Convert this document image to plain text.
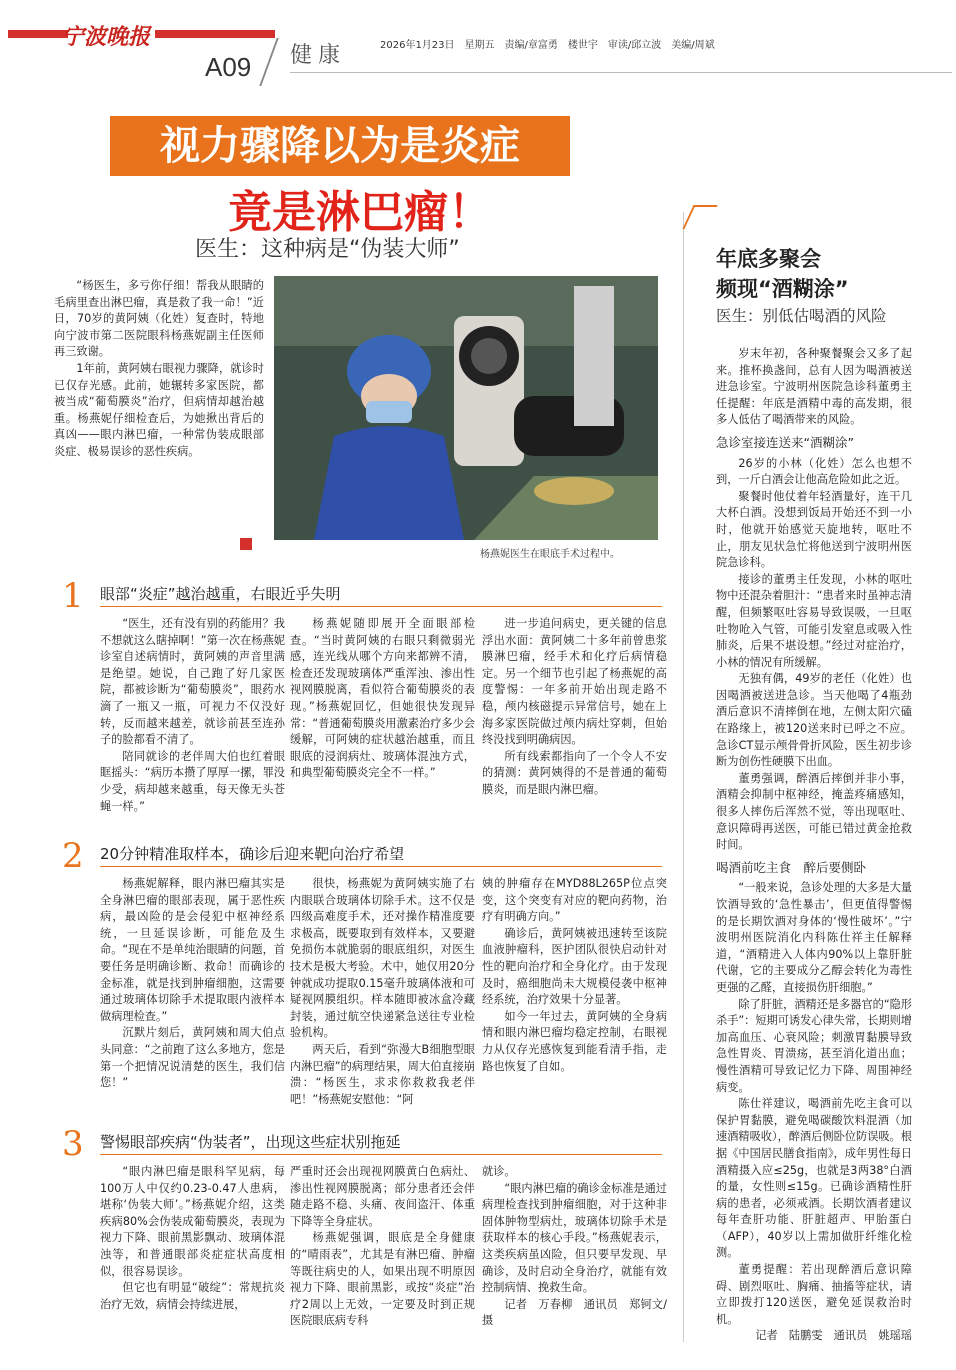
宁波晚报
A09 健康	2026年1月23日　星期五　责编/章富勇　楼世宇　审读/邱立波　美编/周斌
视力骤降以为是炎症
竟是淋巴瘤！
医生：这种病是“伪装大师”

“杨医生，多亏你仔细！帮我从眼睛的毛病里查出淋巴瘤，真是救了我一命！”近日，70岁的黄阿姨（化姓）复查时，特地向宁波市第二医院眼科杨燕妮副主任医师再三致谢。

1年前，黄阿姨右眼视力骤降，就诊时已仅存光感。此前，她辗转多家医院，都被当成“葡萄膜炎”治疗，但病情却越治越重。杨燕妮仔细检查后，为她揪出背后的真凶——眼内淋巴瘤，一种常伪装成眼部炎症、极易误诊的恶性疾病。

杨燕妮医生在眼底手术过程中。
1 眼部“炎症”越治越重，右眼近乎失明

“医生，还有没有别的药能用？我不想就这么瞎掉啊！”第一次在杨燕妮诊室自述病情时，黄阿姨的声音里满是绝望。她说，自己跑了好几家医院，都被诊断为“葡萄膜炎”，眼药水滴了一瓶又一瓶，可视力不仅没好转，反而越来越差，就诊前甚至连孙子的脸都看不清了。

陪同就诊的老伴周大伯也红着眼眶摇头：“病历本攒了厚厚一摞，罪没少受，病却越来越重，每天像无头苍蝇一样。”

杨燕妮随即展开全面眼部检查。“当时黄阿姨的右眼只剩微弱光感，连光线从哪个方向来都辨不清，检查还发现玻璃体严重浑浊、渗出性视网膜脱离，看似符合葡萄膜炎的表现。”杨燕妮回忆，但她很快发现异常：“普通葡萄膜炎用激素治疗多少会缓解，可阿姨的症状越治越重，而且眼底的浸润病灶、玻璃体混浊方式，和典型葡萄膜炎完全不一样。”

进一步追问病史，更关键的信息浮出水面：黄阿姨二十多年前曾患浆膜淋巴瘤，经手术和化疗后病情稳定。另一个细节也引起了杨燕妮的高度警惕：一年多前开始出现走路不稳，颅内核磁提示异常信号，她在上海多家医院做过颅内病灶穿刺，但始终没找到明确病因。

所有线索都指向了一个令人不安的猜测：黄阿姨得的不是普通的葡萄膜炎，而是眼内淋巴瘤。

2 20分钟精准取样本，确诊后迎来靶向治疗希望

杨燕妮解释，眼内淋巴瘤其实是全身淋巴瘤的眼部表现，属于恶性疾病，最凶险的是会侵犯中枢神经系统，一旦延误诊断，可能危及生命。“现在不是单纯治眼睛的问题，首要任务是明确诊断、救命！而确诊的金标准，就是找到肿瘤细胞，这需要通过玻璃体切除手术提取眼内液样本做病理检查。”

沉默片刻后，黄阿姨和周大伯点头同意：“之前跑了这么多地方，您是第一个把情况说清楚的医生，我们信您！”

很快，杨燕妮为黄阿姨实施了右内眼联合玻璃体切除手术。这不仅是四级高难度手术，还对操作精准度要求极高，既要取到有效样本，又要避免损伤本就脆弱的眼底组织，对医生技术是极大考验。术中，她仅用20分钟就成功提取0.15毫升玻璃体液和可疑视网膜组织。样本随即被冰盒冷藏封装，通过航空快递紧急送往专业检验机构。

两天后，看到“弥漫大B细胞型眼内淋巴瘤”的病理结果，周大伯直接崩溃：“杨医生，求求你救救我老伴吧！”杨燕妮安慰他：“阿

姨的肿瘤存在MYD88L265P位点突变，这个突变有对应的靶向药物，治疗有明确方向。”

确诊后，黄阿姨被迅速转至该院血液肿瘤科，医护团队很快启动针对性的靶向治疗和全身化疗。由于发现及时，癌细胞尚未大规模侵袭中枢神经系统，治疗效果十分显著。

如今一年过去，黄阿姨的全身病情和眼内淋巴瘤均稳定控制，右眼视力从仅存光感恢复到能看清手指，走路也恢复了自如。

3 警惕眼部疾病“伪装者”，出现这些症状别拖延

“眼内淋巴瘤是眼科罕见病，每100万人中仅约0.23-0.47人患病，堪称‘伪装大师’。”杨燕妮介绍，这类疾病80%会伪装成葡萄膜炎，表现为视力下降、眼前黑影飘动、玻璃体混浊等，和普通眼部炎症症状高度相似，很容易误诊。

但它也有明显“破绽”：常规抗炎治疗无效，病情会持续进展，

严重时还会出现视网膜黄白色病灶、渗出性视网膜脱离；部分患者还会伴随走路不稳、头痛、夜间盗汗、体重下降等全身症状。

杨燕妮强调，眼底是全身健康的“晴雨表”，尤其是有淋巴瘤、肿瘤等既往病史的人，如果出现不明原因视力下降、眼前黑影，或按“炎症”治疗2周以上无效，一定要及时到正规医院眼底病专科

就诊。

“眼内淋巴瘤的确诊金标准是通过病理检查找到肿瘤细胞，对于这种非固体肿物型病灶，玻璃体切除手术是获取样本的核心手段。”杨燕妮表示，这类疾病虽凶险，但只要早发现、早确诊，及时启动全身治疗，就能有效控制病情、挽救生命。

记者　万春柳　通讯员　郑钶文/摄

年底多聚会
频现“酒糊涂”
医生：别低估喝酒的风险

岁末年初，各种聚餐聚会又多了起来。推杯换盏间，总有人因为喝酒被送进急诊室。宁波明州医院急诊科董勇主任提醒：年底是酒精中毒的高发期，很多人低估了喝酒带来的风险。

急诊室接连送来“酒糊涂”

26岁的小林（化姓）怎么也想不到，一斤白酒会让他高危险如此之近。

聚餐时他仗着年轻酒量好，连干几大杯白酒。没想到饭局开始还不到一小时，他就开始感觉天旋地转，呕吐不止，朋友见状急忙将他送到宁波明州医院急诊科。

接诊的董勇主任发现，小林的呕吐物中还混杂着胆汁：“患者来时虽神志清醒，但频繁呕吐容易导致误吸，一旦呕吐物呛入气管，可能引发窒息或吸入性肺炎，后果不堪设想。”经过对症治疗，小林的情况有所缓解。

无独有偶，49岁的老任（化姓）也因喝酒被送进急诊。当天他喝了4瓶劲酒后意识不清摔倒在地，左侧太阳穴磕在路缘上，被120送来时已呼之不应。急诊CT显示颅骨骨折风险，医生初步诊断为创伤性硬膜下出血。

董勇强调，醉酒后摔倒并非小事，酒精会抑制中枢神经，掩盖疼痛感知，很多人摔伤后浑然不觉，等出现呕吐、意识障碍再送医，可能已错过黄金抢救时间。

喝酒前吃主食　醉后要侧卧

“一般来说，急诊处理的大多是大量饮酒导致的‘急性暴击’，但更值得警惕的是长期饮酒对身体的‘慢性破坏’。”宁波明州医院消化内科陈仕祥主任解释道，“酒精进入人体内90%以上靠肝脏代谢，它的主要成分乙醇会转化为毒性更强的乙醛，直接损伤肝细胞。”

除了肝脏，酒精还是多器官的“隐形杀手”：短期可诱发心律失常，长期则增加高血压、心衰风险；刺激胃黏膜导致急性胃炎、胃溃疡，甚至消化道出血；慢性酒精可导致记忆力下降、周围神经病变。

陈仕祥建议，喝酒前先吃主食可以保护胃黏膜，避免喝碳酸饮料混酒（加速酒精吸收），醉酒后侧卧位防误吸。根据《中国居民膳食指南》，成年男性每日酒精摄入应≤25g，也就是3两38°白酒的量，女性则≤15g。已确诊酒精性肝病的患者，必须戒酒。长期饮酒者建议每年查肝功能、肝脏超声、甲胎蛋白（AFP），40岁以上需加做肝纤维化检测。

董勇提醒：若出现醉酒后意识障碍、剧烈呕吐、胸痛、抽搐等症状，请立即拨打120送医，避免延误救治时机。

记者　陆鹏雯　通讯员　姚瑶瑶
